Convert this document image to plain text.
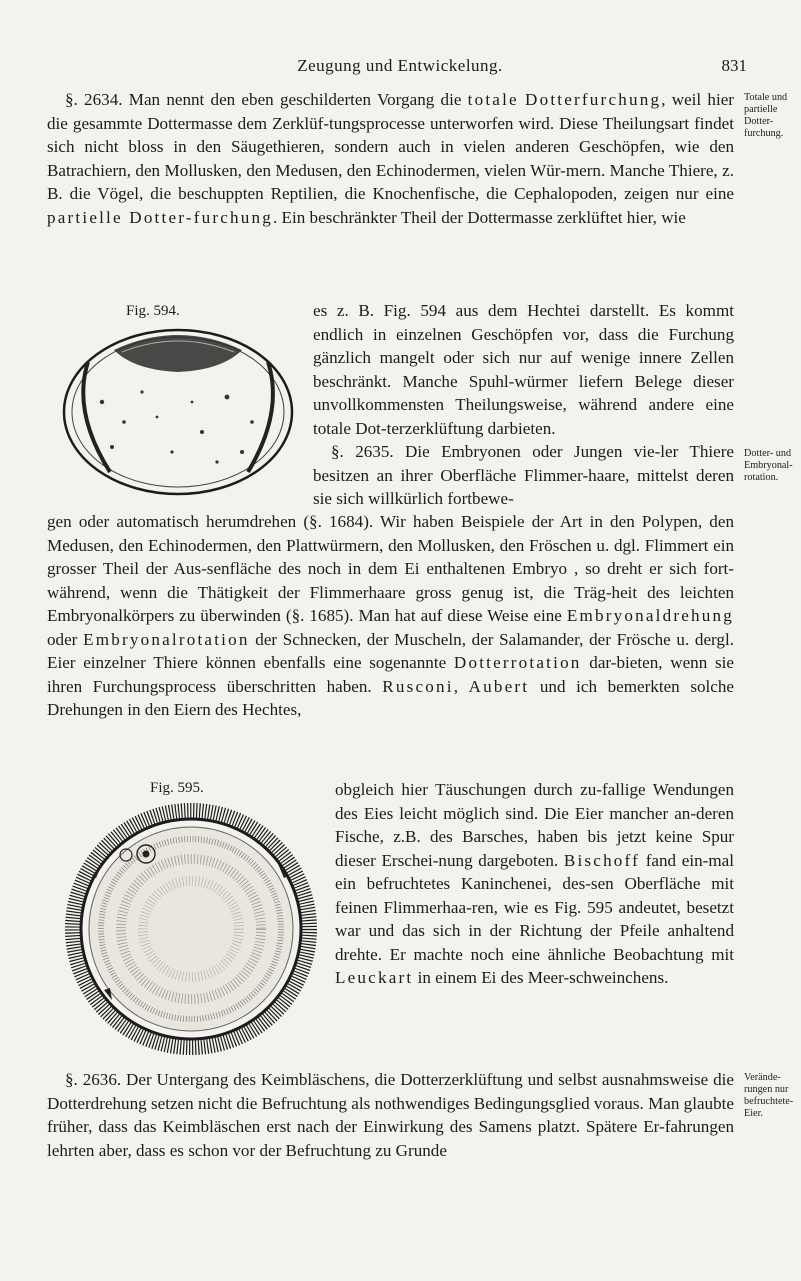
Zeugung und Entwickelung.	831

§. 2634. Man nennt den eben geschilderten Vorgang die totale Dotterfurchung, weil hier die gesammte Dottermasse dem Zerklüf-tungsprocesse unterworfen wird. Diese Theilungsart findet sich nicht bloss in den Säugethieren, sondern auch in vielen anderen Geschöpfen, wie den Batrachiern, den Mollusken, den Medusen, den Echinodermen, vielen Wür-mern. Manche Thiere, z. B. die Vögel, die beschuppten Reptilien, die Knochenfische, die Cephalopoden, zeigen nur eine partielle Dotter-furchung. Ein beschränkter Theil der Dottermasse zerklüftet hier, wie

Fig. 594.	es z. B. Fig. 594 aus dem Hechtei darstellt. Es kommt endlich in einzelnen Geschöpfen vor, dass die Furchung gänzlich mangelt oder sich nur auf wenige innere Zellen beschränkt. Manche Spuhl-würmer liefern Belege dieser unvollkommensten Theilungsweise, während andere eine totale Dot-terzerklüftung darbieten.

§. 2635. Die Embryonen oder Jungen vie-ler Thiere besitzen an ihrer Oberfläche Flimmer-haare, mittelst deren sie sich willkürlich fortbewe-

gen oder automatisch herumdrehen (§. 1684). Wir haben Beispiele der Art in den Polypen, den Medusen, den Echinodermen, den Plattwürmern, den Mollusken, den Fröschen u. dgl. Flimmert ein grosser Theil der Aus-senfläche des noch in dem Ei enthaltenen Embryo , so dreht er sich fort-während, wenn die Thätigkeit der Flimmerhaare gross genug ist, die Träg-heit des leichten Embryonalkörpers zu überwinden (§. 1685). Man hat auf diese Weise eine Embryonaldrehung oder Embryonalrotation der Schnecken, der Muscheln, der Salamander, der Frösche u. dergl. Eier einzelner Thiere können ebenfalls eine sogenannte Dotterrotation dar-bieten, wenn sie ihren Furchungsprocess überschritten haben. Rusconi, Aubert und ich bemerkten solche Drehungen in den Eiern des Hechtes,

Fig. 595.	obgleich hier Täuschungen durch zu-fallige Wendungen des Eies leicht möglich sind. Die Eier mancher an-deren Fische, z.B. des Barsches, haben bis jetzt keine Spur dieser Erschei-nung dargeboten. Bischoff fand ein-mal ein befruchtetes Kaninchenei, des-sen Oberfläche mit feinen Flimmerhaa-ren, wie es Fig. 595 andeutet, besetzt war und das sich in der Richtung der Pfeile anhaltend drehte. Er machte noch eine ähnliche Beobachtung mit Leuckart in einem Ei des Meer-schweinchens.

§. 2636. Der Untergang des Keimbläschens, die Dotterzerklüftung und selbst ausnahmsweise die Dotterdrehung setzen nicht die Befruchtung als nothwendiges Bedingungsglied voraus. Man glaubte früher, dass das Keimbläschen erst nach der Einwirkung des Samens platzt. Spätere Er-fahrungen lehrten aber, dass es schon vor der Befruchtung zu Grunde

Totale und partielle Dotter-furchung.
Dotter- und Embryonal-rotation.
Verände-rungen nur befruchtete-Eier.
